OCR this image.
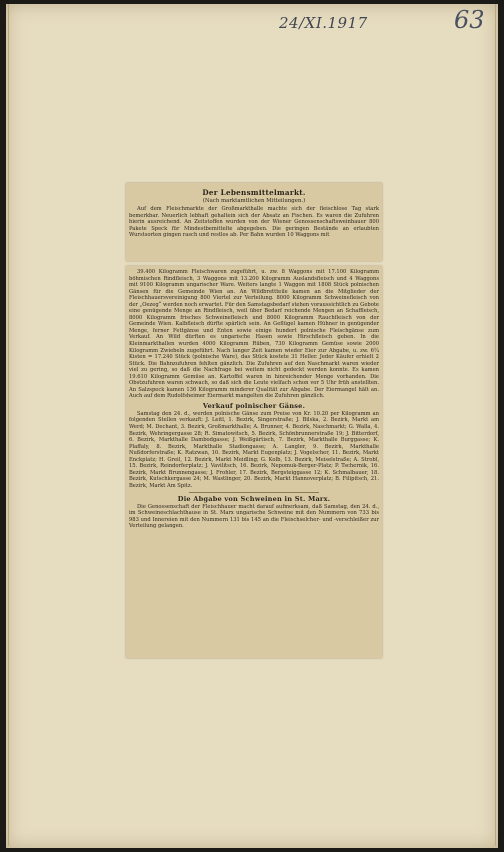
24/XI.1917	63
Der Lebensmittelmarkt.
(Nach marktamtlichen Mitteilungen.)

Auf dem Fleischmarkte der Großmarkthalle machte sich der fleischlose Tag stark bemerkbar. Neuerlich lebhaft gehaltein sich der Absatz an Fischen. Es waren die Zufuhren hierin ausreichend. An Zeitstoffen wurden von der Wiener Genossenschaftsweinbauer 800 Pakete Speck für Mindestbemittelte abgegeben. Die geringen Bestände an erlaubten Wurstsorten gingen rasch und restlos ab. Per Bahn wurden 10 Waggons mit

39.400 Kilogramm Fleischwaren zugeführt, u. zw. 8 Waggons mit 17.100 Kilogramm böhmischen Rindfleisch, 3 Waggons mit 13.200 Kilogramm Auslandsfleisch und 4 Waggons mit 9100 Kilogramm ungarischer Ware. Weiters langte 1 Waggon mit 1808 Stück polnischen Gänsen für die Gemeinde Wien an. An Wildbrettteile kamen an die Mitglieder der Fleischhauersvereinigung 800 Viertel zur Verteilung. 8000 Kilogramm Schweinefleisch von der „Oezeg“ werden noch erwartet. Für den Samstagsbedarf stehen voraussichtlich zu Gebote eine genügende Menge an Rindfleisch, weil über Bedarf reichende Mengen an Schaffleisch, 8000 Kilogramm frisches Schweinefleisch und 8000 Kilogramm Rauchfleisch von der Gemeinde Wien. Kalbfleisch dürfte spärlich sein. An Geflügel kamen Hühner in genügender Menge, ferner Fettgänse und Enten sowie einige hundert polnische Fleischgänse zum Verkauf. An Wild dürften es ungarische Hasen sowie Hirschfleisch geben. In die Kleinmarkthallen wurden 4000 Kilogramm Rüben, 730 Kilogramm Gemüse sowie 2000 Kilogramm Zwiebeln zugeführt. Nach langer Zeit kamen wieder Eier zur Abgabe, u. zw. 6¼ Kisten = 17.240 Stück (polnische Ware), das Stück kostete 31 Heller. Jeder Käufer erhielt 2 Stück. Die Bahnzufuhren fehlten gänzlich. Die Zufuhren auf den Naschmarkt waren wieder viel zu gering, so daß die Nachfrage bei weitem nicht gedeckt werden konnte. Es kamen 19.610 Kilogramm Gemüse an. Kartoffel waren in hinreichender Menge vorhanden. Die Obstzufuhren waren schwach, so daß sich die Leute vielfach schon vor 5 Uhr früh anstellten. An Salzspeck kamen 136 Kilogramm minderer Qualität zur Abgabe. Der Eiermangel hält an. Auch auf dem Rudolfsheimer Eiermarkt mangelten die Zufuhren gänzlich.

Verkauf polnischer Gänse.

Samstag den 24. d., werden polnische Gänse zum Preise von Kr. 10.20 per Kilogramm an folgenden Stellen verkauft: J. Leitl, 1. Bezirk, Singerstraße; J. Bilska, 2. Bezirk, Markt am Werd; M. Dechant, 3. Bezirk, Großmarkthalle; A. Brunner, 4. Bezirk, Naschmarkt; G. Walla, 4. Bezirk, Wehringergasse 28; R. Simatowitsch, 5. Bezirk, Schönbrunnerstraße 19; J. Bitterdorf, 6. Bezirk, Markthalle Dambodgasse; J. Weißgärtisch, 7. Bezirk, Markthalle Burggasse; K. Plaffaly, 8. Bezirk, Markthalle Stadiongasse; A. Langler, 9. Bezirk, Markthalle Nußdorferstraße; K. Ratzwan, 10. Bezirk, Markt Eugenplatz; J. Vogelscher, 11. Bezirk, Markt Enckplatz; H. Greil, 12. Bezirk, Markt Meidling; G. Kolb, 13. Bezirk, Meiselstraße; A. Strobl, 15. Bezirk, Reindorferplatz; J. Vavilitsch, 16. Bezirk, Nepomuk-Berger-Platz; P. Tschernik, 16. Bezirk, Markt Brunnengasse; J. Frohler, 17. Bezirk, Bergsteiggasse 12; K. Schmalbauer, 18. Bezirk, Kutschkergasse 24; M. Wastlinger, 20. Bezirk, Markt Hannoverplatz; B. Filipitsch, 21. Bezirk, Markt Am Spitz.

Die Abgabe von Schweinen in St. Marx.

Die Genossenschaft der Fleischhauer macht darauf aufmerksam, daß Samstag, den 24. d., im Schweineschlachthause in St. Marx ungarische Schweine mit den Nummern von 733 bis 983 und Innereien mit den Nummern 131 bis 145 an die Fleischselcher- und -verschleißer zur Verteilung gelangen.
